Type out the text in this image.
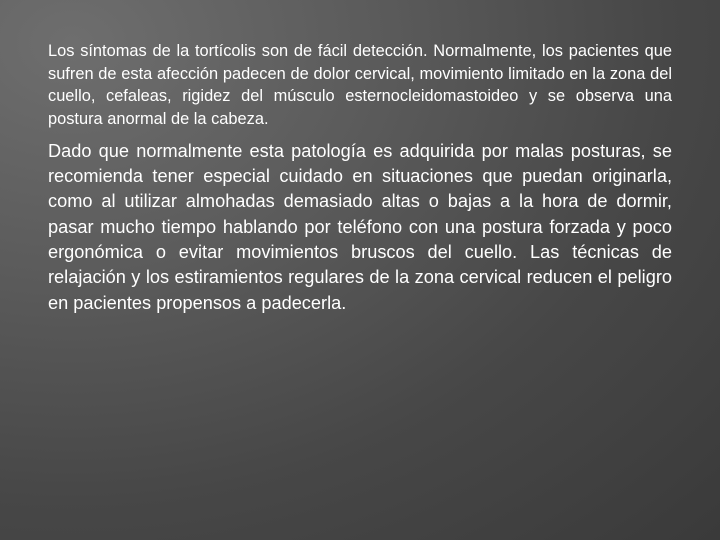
Los síntomas de la tortícolis son de fácil detección. Normalmente, los pacientes que sufren de esta afección padecen de dolor cervical, movimiento limitado en la zona del cuello, cefaleas, rigidez del músculo esternocleidomastoideo y se observa una postura anormal de la cabeza.

Dado que normalmente esta patología es adquirida por malas posturas, se recomienda tener especial cuidado en situaciones que puedan originarla, como al utilizar almohadas demasiado altas o bajas a la hora de dormir, pasar mucho tiempo hablando por teléfono con una postura forzada y poco ergonómica o evitar movimientos bruscos del cuello. Las técnicas de relajación y los estiramientos regulares de la zona cervical reducen el peligro en pacientes propensos a padecerla.
